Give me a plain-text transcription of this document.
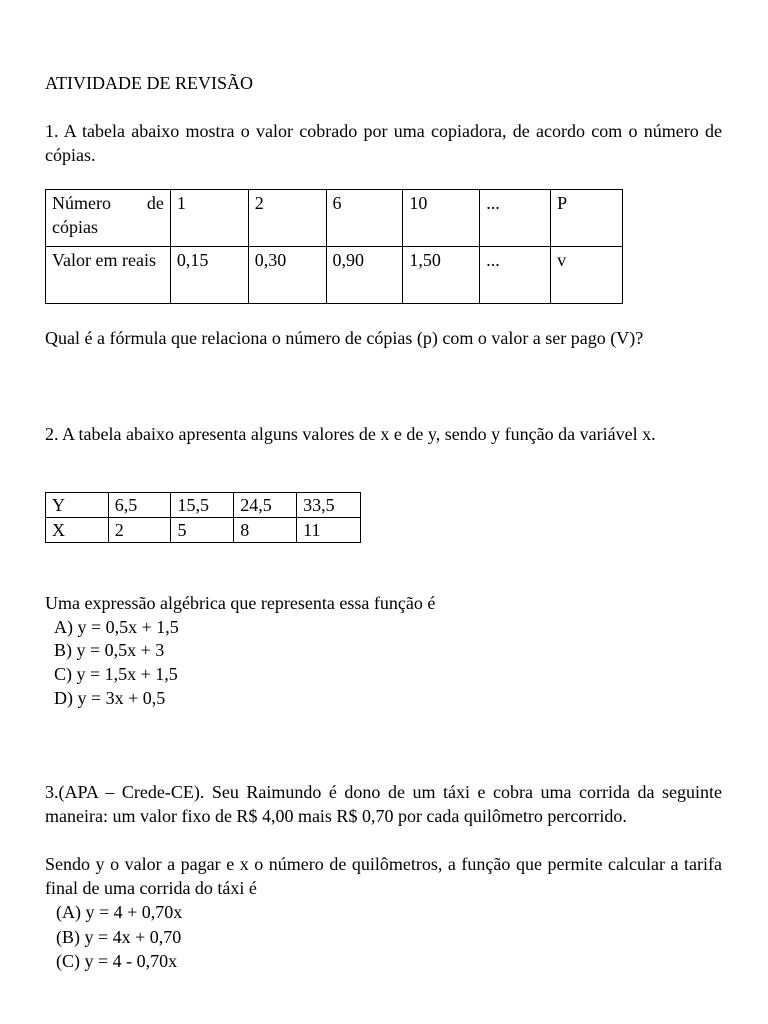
ATIVIDADE DE REVISÃO

1. A tabela abaixo mostra o valor cobrado por uma copiadora, de acordo com o número de cópias.

Número de cópias	1	2	6	10	...	P
Valor em reais	0,15	0,30	0,90	1,50	...	v

Qual é a fórmula que relaciona o número de cópias (p) com o valor a ser pago (V)?

2. A tabela abaixo apresenta alguns valores de x e de y, sendo y função da variável x.

Y	6,5	15,5	24,5	33,5
X	2	5	8	11

Uma expressão algébrica que representa essa função é

A) y = 0,5x + 1,5
B) y = 0,5x + 3
C) y = 1,5x + 1,5
D) y = 3x + 0,5

3.(APA – Crede-CE). Seu Raimundo é dono de um táxi e cobra uma corrida da seguinte maneira: um valor fixo de R$ 4,00 mais R$ 0,70 por cada quilômetro percorrido.

Sendo y o valor a pagar e x o número de quilômetros, a função que permite calcular a tarifa final de uma corrida do táxi é

(A) y = 4 + 0,70x
(B) y = 4x + 0,70
(C) y = 4 - 0,70x
